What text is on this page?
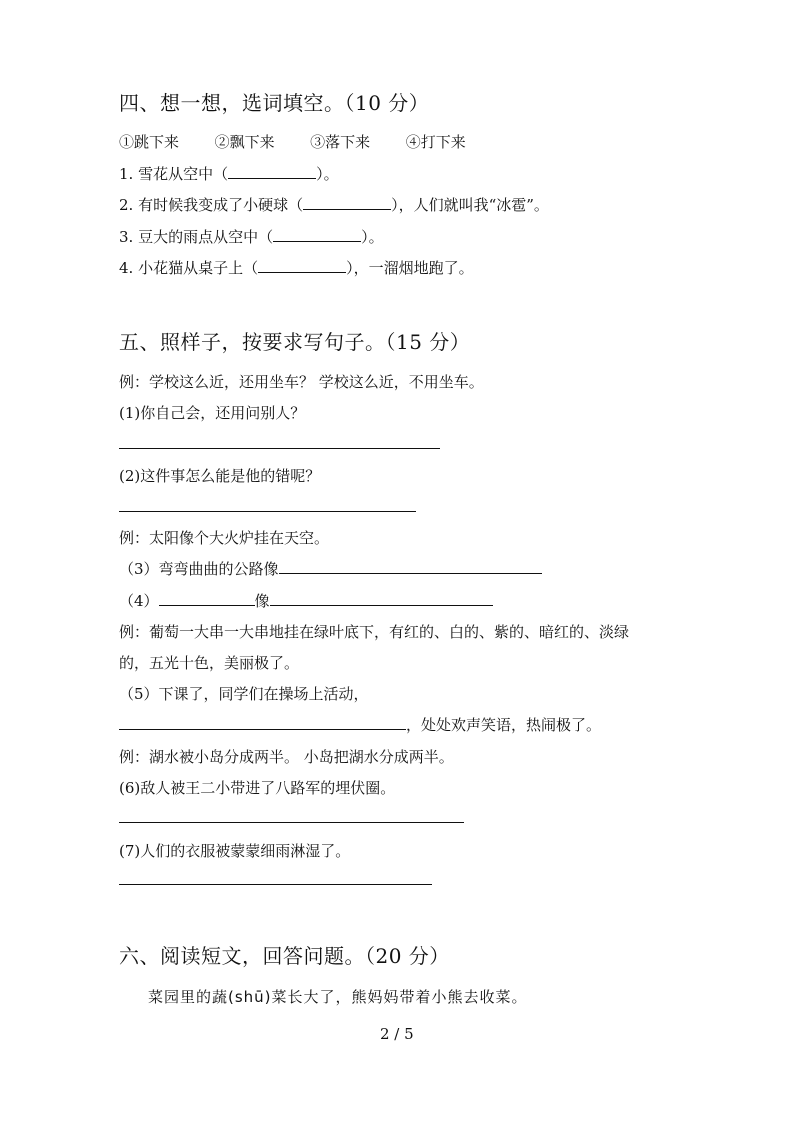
四、想一想，选词填空。（10 分）
①跳下来 ②飘下来 ③落下来 ④打下来
1. 雪花从空中（	）。
2. 有时候我变成了小硬球（	），人们就叫我“冰雹”。
3. 豆大的雨点从空中（	）。
4. 小花猫从桌子上（	），一溜烟地跑了。
五、照样子，按要求写句子。（15 分）
例：学校这么近，还用坐车？ 学校这么近，不用坐车。
(1)你自己会，还用问别人？
(2)这件事怎么能是他的错呢？
例：太阳像个大火炉挂在天空。
（3）弯弯曲曲的公路像
（4）	像
例：葡萄一大串一大串地挂在绿叶底下，有红的、白的、紫的、暗红的、淡绿
的，五光十色，美丽极了。
（5）下课了，同学们在操场上活动，
，处处欢声笑语，热闹极了。
例：湖水被小岛分成两半。 小岛把湖水分成两半。
(6)敌人被王二小带进了八路军的埋伏圈。
(7)人们的衣服被蒙蒙细雨淋湿了。
六、阅读短文，回答问题。（20 分）
菜园里的蔬(shū)菜长大了，熊妈妈带着小熊去收菜。
2 / 5
